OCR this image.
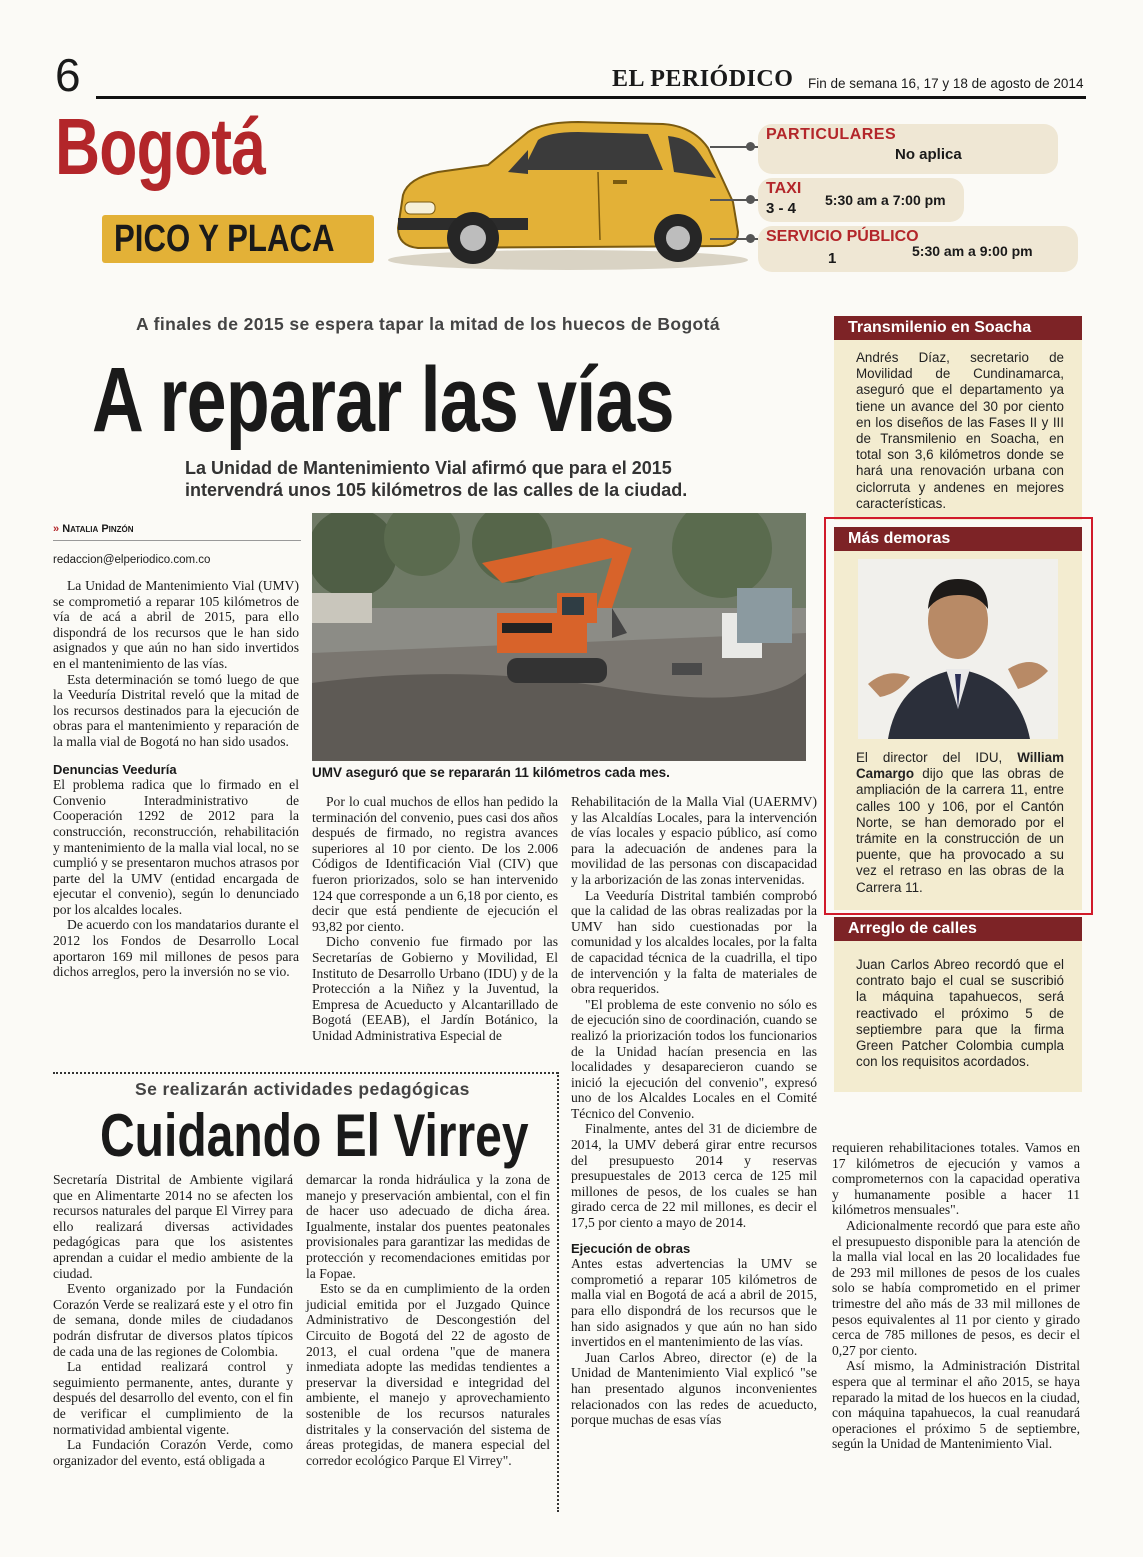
6	EL PERIÓDICO Fin de semana 16, 17 y 18 de agosto de 2014
Bogotá
PICO Y PLACA
PARTICULARES
No aplica
TAXI
3 - 4 5:30 am a 7:00 pm
SERVICIO PÚBLICO
1	5:30 am a 9:00 pm
A finales de 2015 se espera tapar la mitad de los huecos de Bogotá
A reparar las vías
La Unidad de Mantenimiento Vial afirmó que para el 2015
intervendrá unos 105 kilómetros de las calles de la ciudad.
» Natalia Pinzón
redaccion@elperiodico.com.co
UMV aseguró que se repararán 11 kilómetros cada mes.

La Unidad de Mantenimiento Vial (UMV) se comprometió a reparar 105 kilómetros de vía de acá a abril de 2015, para ello dispondrá de los recursos que le han sido asignados y que aún no han sido invertidos en el mantenimiento de las vías.

Esta determinación se tomó luego de que la Veeduría Distrital reveló que la mitad de los recursos destinados para la ejecución de obras para el mantenimiento y reparación de la malla vial de Bogotá no han sido usados.

Denuncias Veeduría

El problema radica que lo firmado en el Convenio Interadministrativo de Cooperación 1292 de 2012 para la construcción, reconstrucción, rehabilitación y mantenimiento de la malla vial local, no se cumplió y se presentaron muchos atrasos por parte del la UMV (entidad encargada de ejecutar el convenio), según lo denunciado por los alcaldes locales.

De acuerdo con los mandatarios durante el 2012 los Fondos de Desarrollo Local aportaron 169 mil millones de pesos para dichos arreglos, pero la inversión no se vio.

Por lo cual muchos de ellos han pedido la terminación del convenio, pues casi dos años después de firmado, no registra avances superiores al 10 por ciento. De los 2.006 Códigos de Identificación Vial (CIV) que fueron priorizados, solo se han intervenido 124 que corresponde a un 6,18 por ciento, es decir que está pendiente de ejecución el 93,82 por ciento.

Dicho convenio fue firmado por las Secretarías de Gobierno y Movilidad, El Instituto de Desarrollo Urbano (IDU) y de la Protección a la Niñez y la Juventud, la Empresa de Acueducto y Alcantarillado de Bogotá (EEAB), el Jardín Botánico, la Unidad Administrativa Especial de

Rehabilitación de la Malla Vial (UAERMV) y las Alcaldías Locales, para la intervención de vías locales y espacio público, así como para la adecuación de andenes para la movilidad de las personas con discapacidad y la arborización de las zonas intervenidas.

La Veeduría Distrital también comprobó que la calidad de las obras realizadas por la UMV han sido cuestionadas por la comunidad y los alcaldes locales, por la falta de capacidad técnica de la cuadrilla, el tipo de intervención y la falta de materiales de obra requeridos.

"El problema de este convenio no sólo es de ejecución sino de coordinación, cuando se realizó la priorización todos los funcionarios de la Unidad hacían presencia en las localidades y desaparecieron cuando se inició la ejecución del convenio", expresó uno de los Alcaldes Locales en el Comité Técnico del Convenio.

Finalmente, antes del 31 de diciembre de 2014, la UMV deberá girar entre recursos del presupuesto 2014 y reservas presupuestales de 2013 cerca de 125 mil millones de pesos, de los cuales se han girado cerca de 22 mil millones, es decir el 17,5 por ciento a mayo de 2014.

Ejecución de obras

Antes estas advertencias la UMV se comprometió a reparar 105 kilómetros de malla vial en Bogotá de acá a abril de 2015, para ello dispondrá de los recursos que le han sido asignados y que aún no han sido invertidos en el mantenimiento de las vías.

Juan Carlos Abreo, director (e) de la Unidad de Mantenimiento Vial explicó "se han presentado algunos inconvenientes relacionados con las redes de acueducto, porque muchas de esas vías

requieren rehabilitaciones totales. Vamos en 17 kilómetros de ejecución y vamos a comprometernos con la capacidad operativa y humanamente posible a hacer 11 kilómetros mensuales".

Adicionalmente recordó que para este año el presupuesto disponible para la atención de la malla vial local en las 20 localidades fue de 293 mil millones de pesos de los cuales solo se había comprometido en el primer trimestre del año más de 33 mil millones de pesos equivalentes al 11 por ciento y girado cerca de 785 millones de pesos, es decir el 0,27 por ciento.

Así mismo, la Administración Distrital espera que al terminar el año 2015, se haya reparado la mitad de los huecos en la ciudad, con máquina tapahuecos, la cual reanudará operaciones el próximo 5 de septiembre, según la Unidad de Mantenimiento Vial.

Transmilenio en Soacha
Andrés Díaz, secretario de Movilidad de Cundinamarca, aseguró que el departamento ya tiene un avance del 30 por ciento en los diseños de las Fases II y III de Transmilenio en Soacha, en total son 3,6 kilómetros donde se hará una renovación urbana con ciclorruta y andenes en mejores características.
Más demoras
El director del IDU, William Camargo dijo que las obras de ampliación de la carrera 11, entre calles 100 y 106, por el Cantón Norte, se han demorado por el trámite en la construcción de un puente, que ha provocado a su vez el retraso en las obras de la Carrera 11.
Arreglo de calles
Juan Carlos Abreo recordó que el contrato bajo el cual se suscribió la máquina tapahuecos, será reactivado el próximo 5 de septiembre para que la firma Green Patcher Colombia cumpla con los requisitos acordados.
Se realizarán actividades pedagógicas
Cuidando El Virrey

Secretaría Distrital de Ambiente vigilará que en Alimentarte 2014 no se afecten los recursos naturales del parque El Virrey para ello realizará diversas actividades pedagógicas para que los asistentes aprendan a cuidar el medio ambiente de la ciudad.

Evento organizado por la Fundación Corazón Verde se realizará este y el otro fin de semana, donde miles de ciudadanos podrán disfrutar de diversos platos típicos de cada una de las regiones de Colombia.

La entidad realizará control y seguimiento permanente, antes, durante y después del desarrollo del evento, con el fin de verificar el cumplimiento de la normatividad ambiental vigente.

La Fundación Corazón Verde, como organizador del evento, está obligada a

demarcar la ronda hidráulica y la zona de manejo y preservación ambiental, con el fin de hacer uso adecuado de dicha área. Igualmente, instalar dos puentes peatonales provisionales para garantizar las medidas de protección y recomendaciones emitidas por la Fopae.

Esto se da en cumplimiento de la orden judicial emitida por el Juzgado Quince Administrativo de Descongestión del Circuito de Bogotá del 22 de agosto de 2013, el cual ordena "que de manera inmediata adopte las medidas tendientes a preservar la diversidad e integridad del ambiente, el manejo y aprovechamiento sostenible de los recursos naturales distritales y la conservación del sistema de áreas protegidas, de manera especial del corredor ecológico Parque El Virrey".
